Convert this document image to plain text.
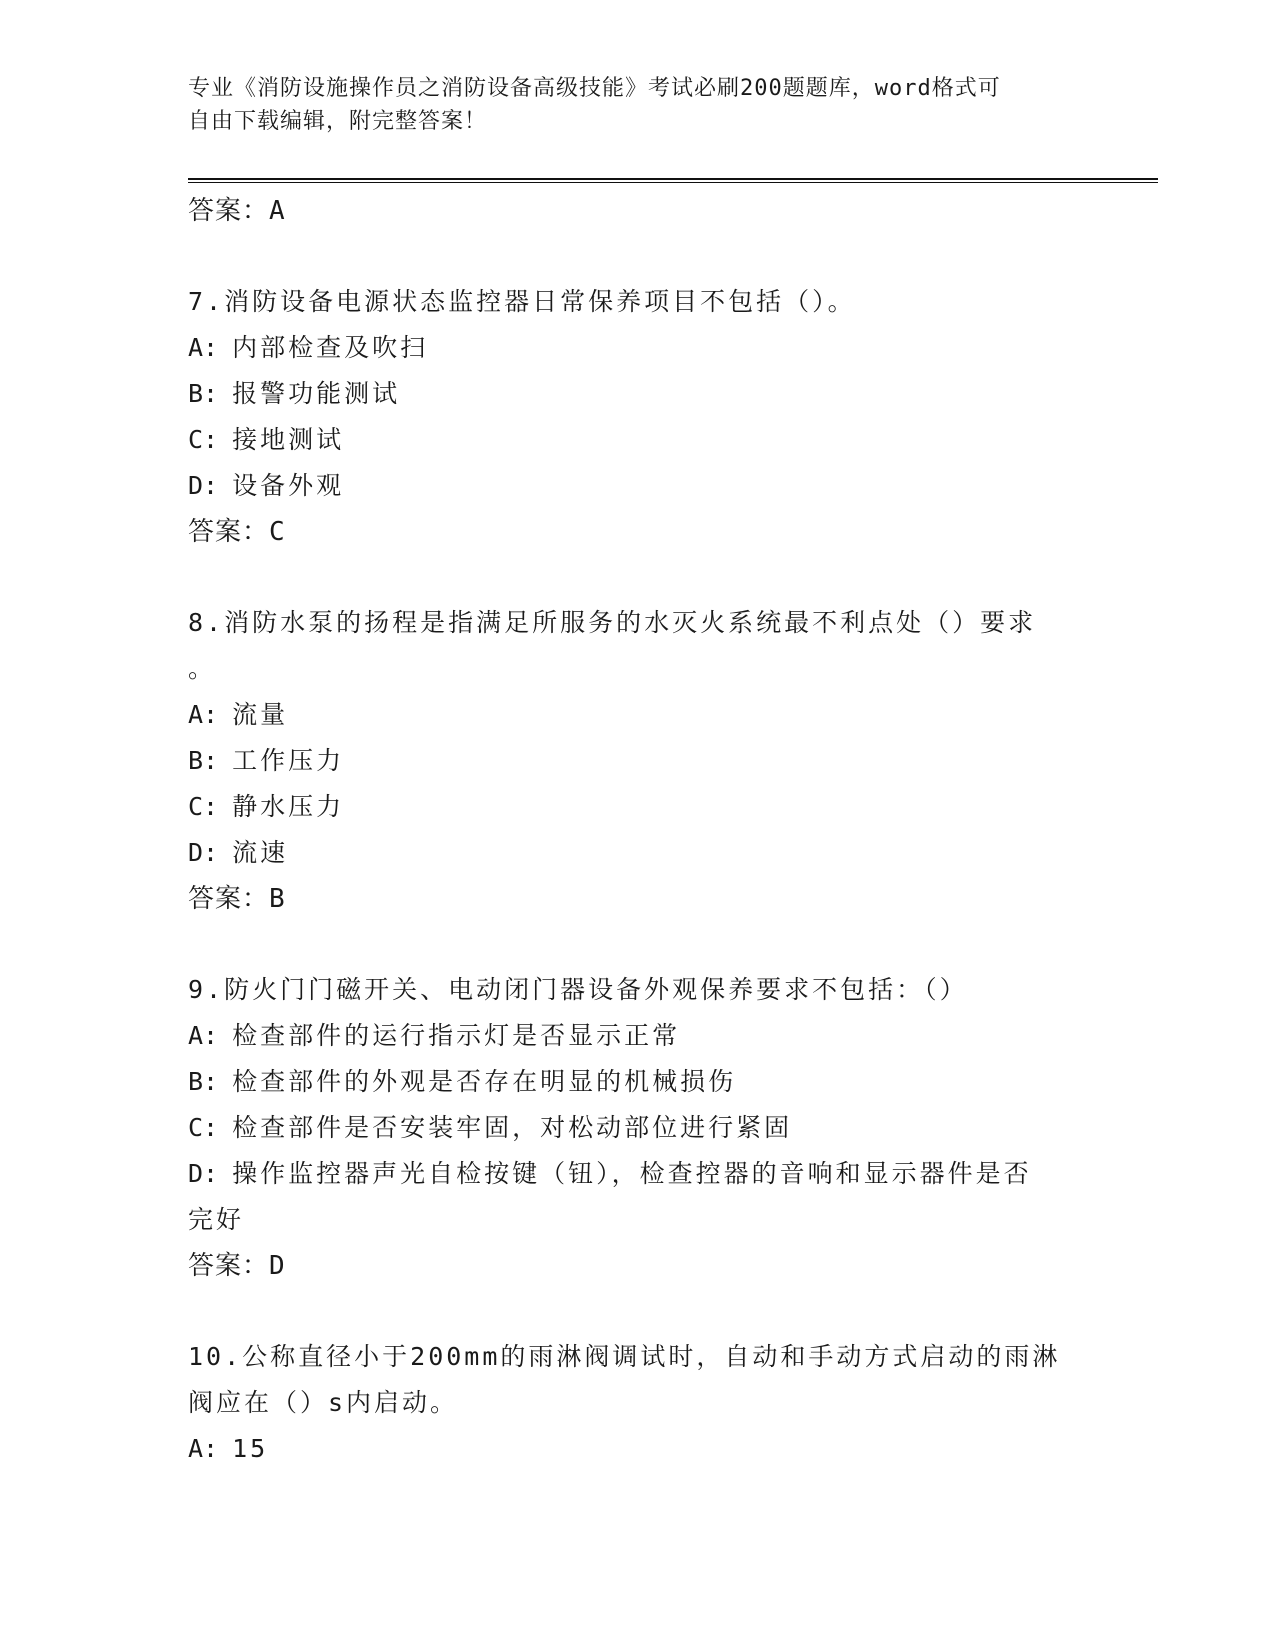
专业《消防设施操作员之消防设备高级技能》考试必刷200题题库，word格式可
自由下载编辑，附完整答案！
答案：A
7.消防设备电源状态监控器日常保养项目不包括（）。
A: 内部检查及吹扫
B: 报警功能测试
C: 接地测试
D: 设备外观
答案：C
8.消防水泵的扬程是指满足所服务的水灭火系统最不利点处（）要求
。
A: 流量
B: 工作压力
C: 静水压力
D: 流速
答案：B
9.防火门门磁开关、电动闭门器设备外观保养要求不包括：（）
A: 检查部件的运行指示灯是否显示正常
B: 检查部件的外观是否存在明显的机械损伤
C: 检查部件是否安装牢固，对松动部位进行紧固
D: 操作监控器声光自检按键（钮），检查控器的音响和显示器件是否
完好
答案：D
10.公称直径小于200mm的雨淋阀调试时，自动和手动方式启动的雨淋
阀应在（）s内启动。
A: 15
